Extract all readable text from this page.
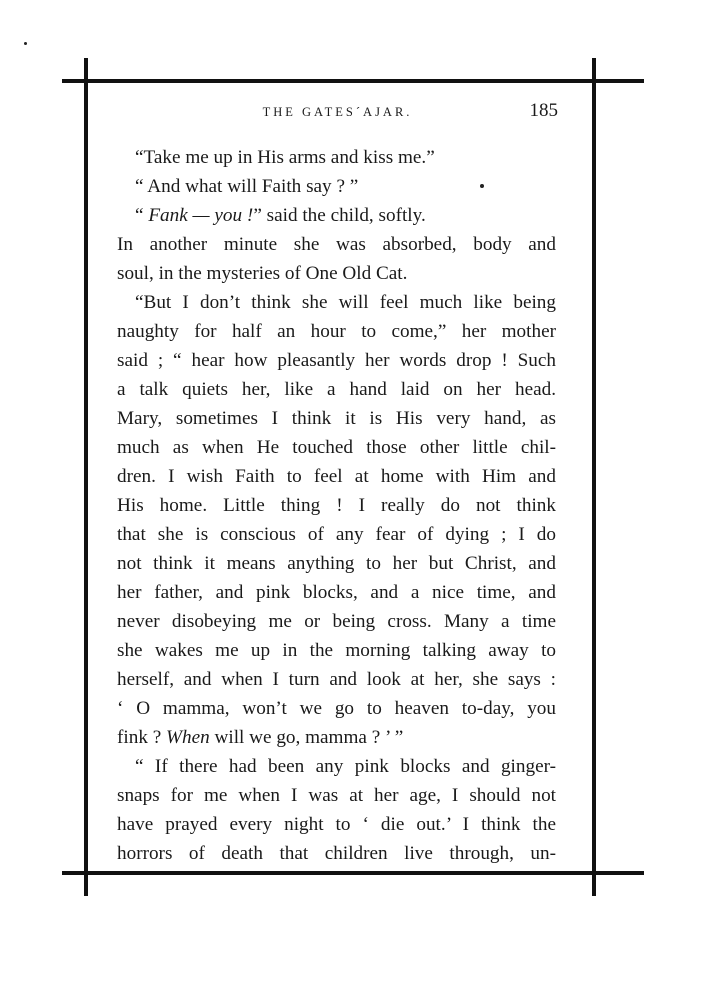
THE GATES´AJAR.	185
“Take me up in His arms and kiss me.”
“ And what will Faith say ? ”
“ Fank — you !” said the child, softly.
In another minute she was absorbed, body and
soul, in the mysteries of One Old Cat.
“But I don’t think she will feel much like being
naughty for half an hour to come,” her mother
said ; “ hear how pleasantly her words drop ! Such
a talk quiets her, like a hand laid on her head.
Mary, sometimes I think it is His very hand, as
much as when He touched those other little chil-
dren. I wish Faith to feel at home with Him and
His home. Little thing ! I really do not think
that she is conscious of any fear of dying ; I do
not think it means anything to her but Christ, and
her father, and pink blocks, and a nice time, and
never disobeying me or being cross. Many a time
she wakes me up in the morning talking away to
herself, and when I turn and look at her, she says :
‘ O mamma, won’t we go to heaven to-day, you
fink ? When will we go, mamma ? ’ ”
“ If there had been any pink blocks and ginger-
snaps for me when I was at her age, I should not
have prayed every night to ‘ die out.’ I think the
horrors of death that children live through, un-
